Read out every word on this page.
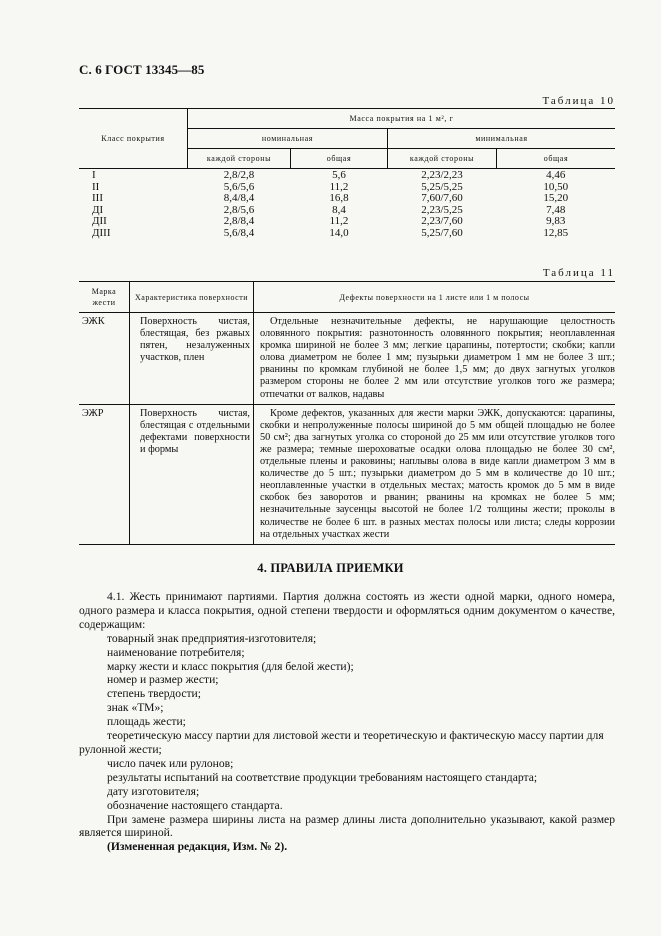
С. 6 ГОСТ 13345—85
Таблица 10
Класс покрытия	Масса покрытия на 1 м², г			
	номинальная		минимальная	
	каждой стороны	общая	каждой стороны	общая
I	2,8/2,8	5,6	2,23/2,23	4,46
II	5,6/5,6	11,2	5,25/5,25	10,50
III	8,4/8,4	16,8	7,60/7,60	15,20
ДI	2,8/5,6	8,4	2,23/5,25	7,48
ДII	2,8/8,4	11,2	2,23/7,60	9,83
ДIII	5,6/8,4	14,0	5,25/7,60	12,85
Таблица 11
Марка жести	Характеристика поверхности	Дефекты поверхности на 1 листе или 1 м полосы
ЭЖК	Поверхность чистая, блестящая, без ржавых пятен, незалуженных участков, плен	Отдельные незначительные дефекты, не нарушающие целостность оловянного покрытия: разнотонность оловянного покрытия; неоплавленная кромка шириной не более 3 мм; легкие царапины, потертости; скобки; капли олова диаметром не более 1 мм; пузырьки диаметром 1 мм не более 3 шт.; рванины по кромкам глубиной не более 1,5 мм; до двух загнутых уголков размером стороны не более 2 мм или отсутствие уголков того же размера; отпечатки от валков, надавы
ЭЖР	Поверхность чистая, блестящая с отдельными дефектами поверхности и формы	Кроме дефектов, указанных для жести марки ЭЖК, допускаются: царапины, скобки и непролуженные полосы шириной до 5 мм общей площадью не более 50 см²; два загнутых уголка со стороной до 25 мм или отсутствие уголков того же размера; темные шероховатые осадки олова площадью не более 30 см², отдельные плены и раковины; наплывы олова в виде капли диаметром 3 мм в количестве до 5 шт.; пузырьки диаметром до 5 мм в количестве до 10 шт.; неоплавленные участки в отдельных местах; матость кромок до 5 мм в виде скобок без заворотов и рванин; рванины на кромках не более 5 мм; незначительные заусенцы высотой не более 1/2 толщины жести; проколы в количестве не более 6 шт. в разных местах полосы или листа; следы коррозии на отдельных участках жести
4. ПРАВИЛА ПРИЕМКИ

4.1. Жесть принимают партиями. Партия должна состоять из жести одной марки, одного номера, одного размера и класса покрытия, одной степени твердости и оформляться одним документом о качестве, содержащим:

товарный знак предприятия-изготовителя;

наименование потребителя;

марку жести и класс покрытия (для белой жести);

номер и размер жести;

степень твердости;

знак «ТМ»;

площадь жести;

теоретическую массу партии для листовой жести и теоретическую и фактическую массу партии для рулонной жести;

число пачек или рулонов;

результаты испытаний на соответствие продукции требованиям настоящего стандарта;

дату изготовителя;

обозначение настоящего стандарта.

При замене размера ширины листа на размер длины листа дополнительно указывают, какой размер является шириной.

(Измененная редакция, Изм. № 2).
